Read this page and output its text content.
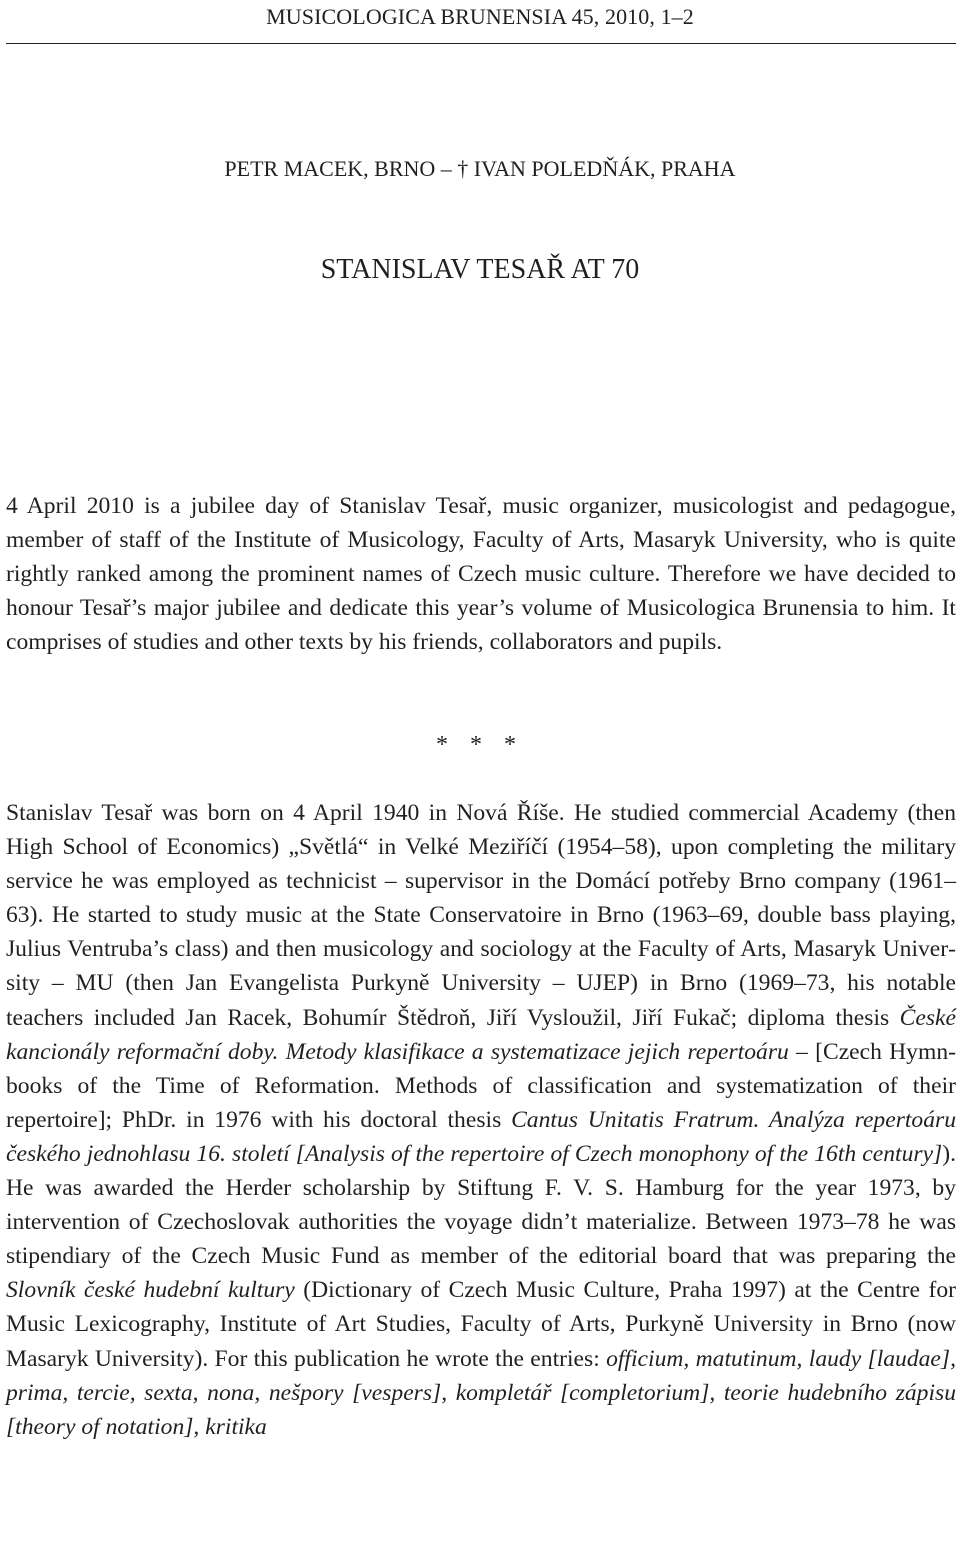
MUSICOLOGICA BRUNENSIA 45, 2010, 1–2
PETR MACEK, BRNO – † IVAN POLEDŇÁK, PRAHA
STANISLAV TESAŘ AT 70

4 April 2010 is a jubilee day of Stanislav Tesař, music organizer, musicologist and pedagogue, member of staff of the Institute of Musicology, Faculty of Arts, Masaryk University, who is quite rightly ranked among the prominent names of Czech music culture. Therefore we have decided to honour Tesař’s major jubilee and dedicate this year’s volume of Musicologica Brunensia to him. It comprises of studies and other texts by his friends, collaborators and pupils.

* * *

Stanislav Tesař was born on 4 April 1940 in Nová Říše. He studied commercial Academy (then High School of Economics) „Světlá“ in Velké Meziříčí (1954–58), upon completing the military service he was employed as technicist – supervisor in the Domácí potřeby Brno company (1961–63). He started to study music at the State Conservatoire in Brno (1963–69, double bass playing, Julius Ventruba’s class) and then musicology and sociology at the Faculty of Arts, Masaryk University – MU (then Jan Evangelista Purkyně University – UJEP) in Brno (1969–73, his notable teachers included Jan Racek, Bohumír Štědroň, Jiří Vysloužil, Jiří Fukač; diploma thesis České kancionály reformační doby. Metody klasifikace a systematizace jejich repertoáru – [Czech Hymn-books of the Time of Reformation. Methods of classification and systematization of their repertoire]; PhDr. in 1976 with his doctoral thesis Cantus Unitatis Fratrum. Analýza repertoáru českého jednohlasu 16. století [Analysis of the repertoire of Czech monophony of the 16th century]). He was awarded the Herder scholarship by Stiftung F. V. S. Hamburg for the year 1973, by intervention of Czechoslovak authorities the voyage didn’t materialize. Between 1973–78 he was stipendiary of the Czech Music Fund as member of the editorial board that was preparing the Slovník české hudební kultury (Dictionary of Czech Music Culture, Praha 1997) at the Centre for Music Lexicography, Institute of Art Studies, Faculty of Arts, Purkyně University in Brno (now Masaryk University). For this publication he wrote the entries: officium, matutinum, laudy [laudae], prima, tercie, sexta, nona, nešpory [vespers], kompletář [completorium], teorie hudebního zápisu [theory of notation], kritika
